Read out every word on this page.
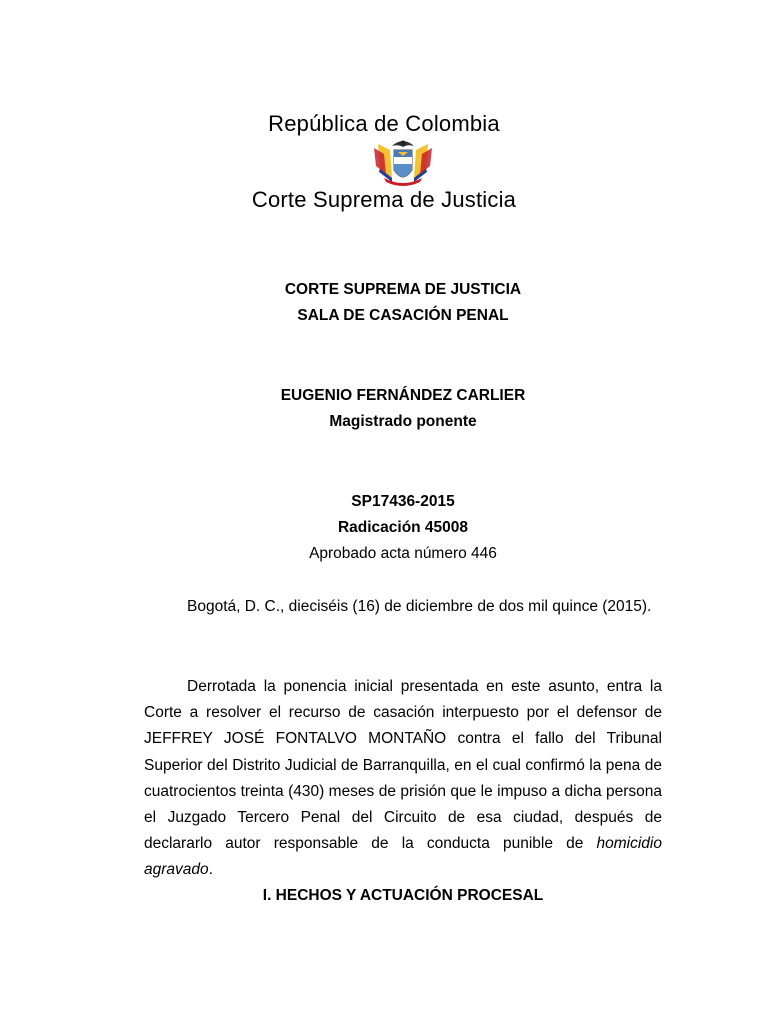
República de Colombia
Corte Suprema de Justicia
CORTE SUPREMA DE JUSTICIA
SALA DE CASACIÓN PENAL
EUGENIO FERNÁNDEZ CARLIER
Magistrado ponente
SP17436-2015
Radicación 45008
Aprobado acta número 446
Bogotá, D. C., dieciséis (16) de diciembre de dos mil quince (2015).
Derrotada la ponencia inicial presentada en este asunto, entra la Corte a resolver el recurso de casación interpuesto por el defensor de JEFFREY JOSÉ FONTALVO MONTAÑO contra el fallo del Tribunal Superior del Distrito Judicial de Barranquilla, en el cual confirmó la pena de cuatrocientos treinta (430) meses de prisión que le impuso a dicha persona el Juzgado Tercero Penal del Circuito de esa ciudad, después de declararlo autor responsable de la conducta punible de homicidio agravado.
I. HECHOS Y ACTUACIÓN PROCESAL
